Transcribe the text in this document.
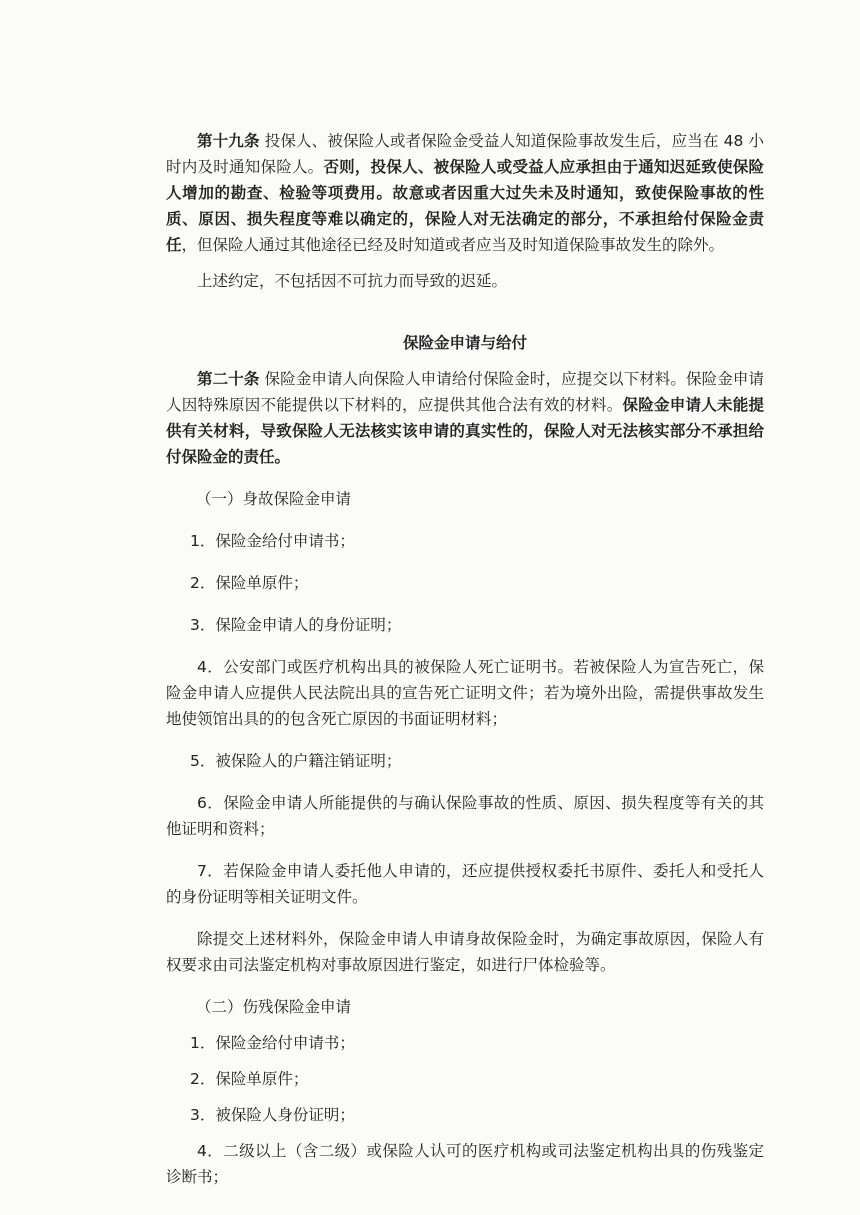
第十九条 投保人、被保险人或者保险金受益人知道保险事故发生后，应当在 48 小时内及时通知保险人。否则，投保人、被保险人或受益人应承担由于通知迟延致使保险人增加的勘查、检验等项费用。故意或者因重大过失未及时通知，致使保险事故的性质、原因、损失程度等难以确定的，保险人对无法确定的部分，不承担给付保险金责任，但保险人通过其他途径已经及时知道或者应当及时知道保险事故发生的除外。

上述约定，不包括因不可抗力而导致的迟延。

保险金申请与给付

第二十条 保险金申请人向保险人申请给付保险金时，应提交以下材料。保险金申请人因特殊原因不能提供以下材料的，应提供其他合法有效的材料。保险金申请人未能提供有关材料，导致保险人无法核实该申请的真实性的，保险人对无法核实部分不承担给付保险金的责任。

（一）身故保险金申请

1．保险金给付申请书；

2．保险单原件；

3．保险金申请人的身份证明；

4．公安部门或医疗机构出具的被保险人死亡证明书。若被保险人为宣告死亡，保险金申请人应提供人民法院出具的宣告死亡证明文件；若为境外出险，需提供事故发生地使领馆出具的的包含死亡原因的书面证明材料；

5．被保险人的户籍注销证明；

6．保险金申请人所能提供的与确认保险事故的性质、原因、损失程度等有关的其他证明和资料；

7．若保险金申请人委托他人申请的，还应提供授权委托书原件、委托人和受托人的身份证明等相关证明文件。

除提交上述材料外，保险金申请人申请身故保险金时，为确定事故原因，保险人有权要求由司法鉴定机构对事故原因进行鉴定，如进行尸体检验等。

（二）伤残保险金申请

1．保险金给付申请书；

2．保险单原件；

3．被保险人身份证明；

4．二级以上（含二级）或保险人认可的医疗机构或司法鉴定机构出具的伤残鉴定诊断书；
